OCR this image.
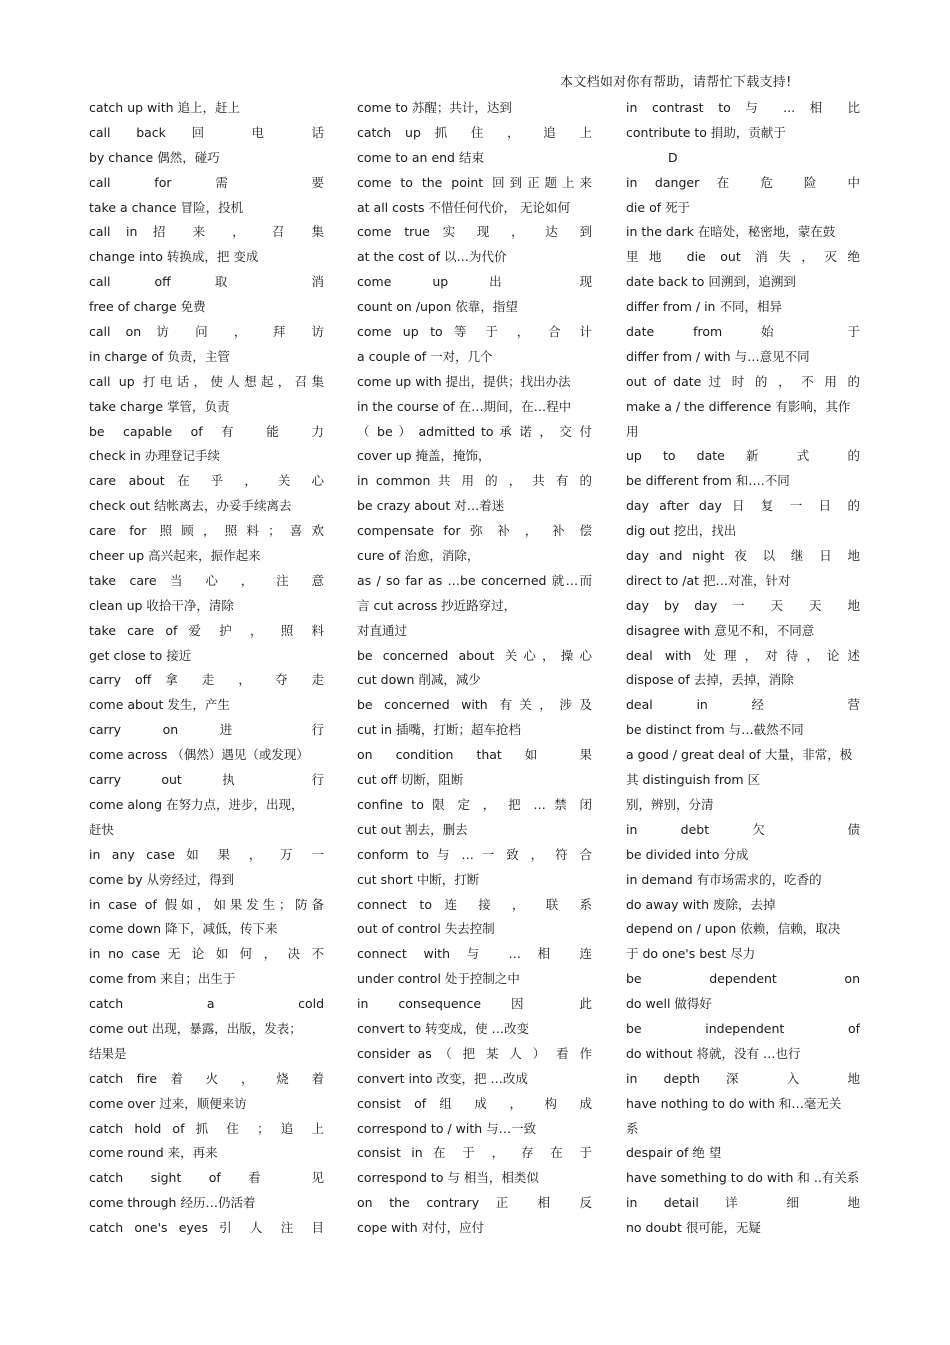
本文档如对你有帮助，请帮忙下载支持!
catch up with 追上，赶上
call back 回 电 话
by chance 偶然，碰巧
call for 需 要
take a chance 冒险，投机
call in 招 来 ， 召 集
change into 转换成，把 变成
call off 取 消
free of charge 免费
call on 访 问 ， 拜 访
in charge of 负责，主管
call up 打电话，使人想起，召集
take charge 掌管，负责
be capable of 有 能 力
check in 办理登记手续
care about 在 乎 ， 关 心
check out 结帐离去，办妥手续离去
care for 照顾，照料；喜欢
cheer up 高兴起来，振作起来
take care 当 心 ， 注 意
clean up 收拾干净，清除
take care of 爱 护 ， 照 料
get close to 接近
carry off 拿 走 ， 夺 走
come about 发生，产生
carry on 进 行
come across （偶然）遇见（或发现）
carry out 执 行
come along 在努力点，进步，出现，
赶快
in any case 如 果 ， 万 一
come by 从旁经过，得到
in case of 假如，如果发生；防备
come down 降下，减低，传下来
in no case 无 论 如 何 ， 决 不
come from 来自；出生于
catch a cold
come out 出现，暴露，出版，发表；
结果是
catch fire 着 火 ， 烧 着
come over 过来，顺便来访
catch hold of 抓 住 ； 追 上
come round 来，再来
catch sight of 看 见
come through 经历…仍活着
catch one's eyes 引 人 注 目
come to 苏醒；共计，达到
catch up 抓 住 ， 追 上
come to an end 结束
come to the point 回到正题上来
at all costs 不惜任何代价， 无论如何
come true 实 现 ， 达 到
at the cost of 以…为代价
come up 出 现
count on /upon 依靠，指望
come up to 等 于 ， 合 计
a couple of 一对，几个
come up with 提出，提供；找出办法
in the course of 在…期间，在…程中
（ be ） admitted to 承 诺 ， 交 付
cover up 掩盖，掩饰，
in common 共 用 的 ， 共 有 的
be crazy about 对…着迷
compensate for 弥 补 ， 补 偿
cure of 治愈，消除，
as / so far as …be concerned 就…而
言 cut across 抄近路穿过，
对直通过
be concerned about 关心，操心
cut down 削减，减少
be concerned with 有关，涉及
cut in 插嘴，打断；超车抢档
on condition that 如 果
cut off 切断，阻断
confine to 限 定 ， 把 … 禁 闭
cut out 割去，删去
conform to 与 … 一 致 ， 符 合
cut short 中断，打断
connect to 连 接 ， 联 系
out of control 失去控制
connect with 与 … 相 连
under control 处于控制之中
in consequence 因 此
convert to 转变成，使 …改变
consider as （ 把 某 人 ） 看 作
convert into 改变，把 …改成
consist of 组 成 ， 构 成
correspond to / with 与…一致
consist in 在 于 ， 存 在 于
correspond to 与 相当，相类似
on the contrary 正 相 反
cope with 对付，应付
in contrast to 与 ... 相 比
contribute to 捐助，贡献于
D
in danger 在 危 险 中
die of 死于
in the dark 在暗处，秘密地，蒙在鼓
里地 die out 消失，灭绝
date back to 回溯到，追溯到
differ from / in 不同，相异
date from 始 于
differ from / with 与…意见不同
out of date 过 时 的 ， 不 用 的
make a / the difference 有影响，其作
用
up to date 新 式 的
be different from 和….不同
day after day 日 复 一 日 的
dig out 挖出，找出
day and night 夜 以 继 日 地
direct to /at 把…对准，针对
day by day 一 天 天 地
disagree with 意见不和，不同意
deal with 处理，对待，论述
dispose of 去掉，丢掉，消除
deal in 经 营
be distinct from 与…截然不同
a good / great deal of 大量，非常，极
其 distinguish from 区
别，辨别，分清
in debt 欠 债
be divided into 分成
in demand 有市场需求的，吃香的
do away with 废除，去掉
depend on / upon 依赖，信赖，取决
于 do one's best 尽力
be dependent on
do well 做得好
be independent of
do without 将就，没有 …也行
in depth 深 入 地
have nothing to do with 和…毫无关
系
despair of 绝 望
have something to do with 和 ..有关系
in detail 详 细 地
no doubt 很可能，无疑
